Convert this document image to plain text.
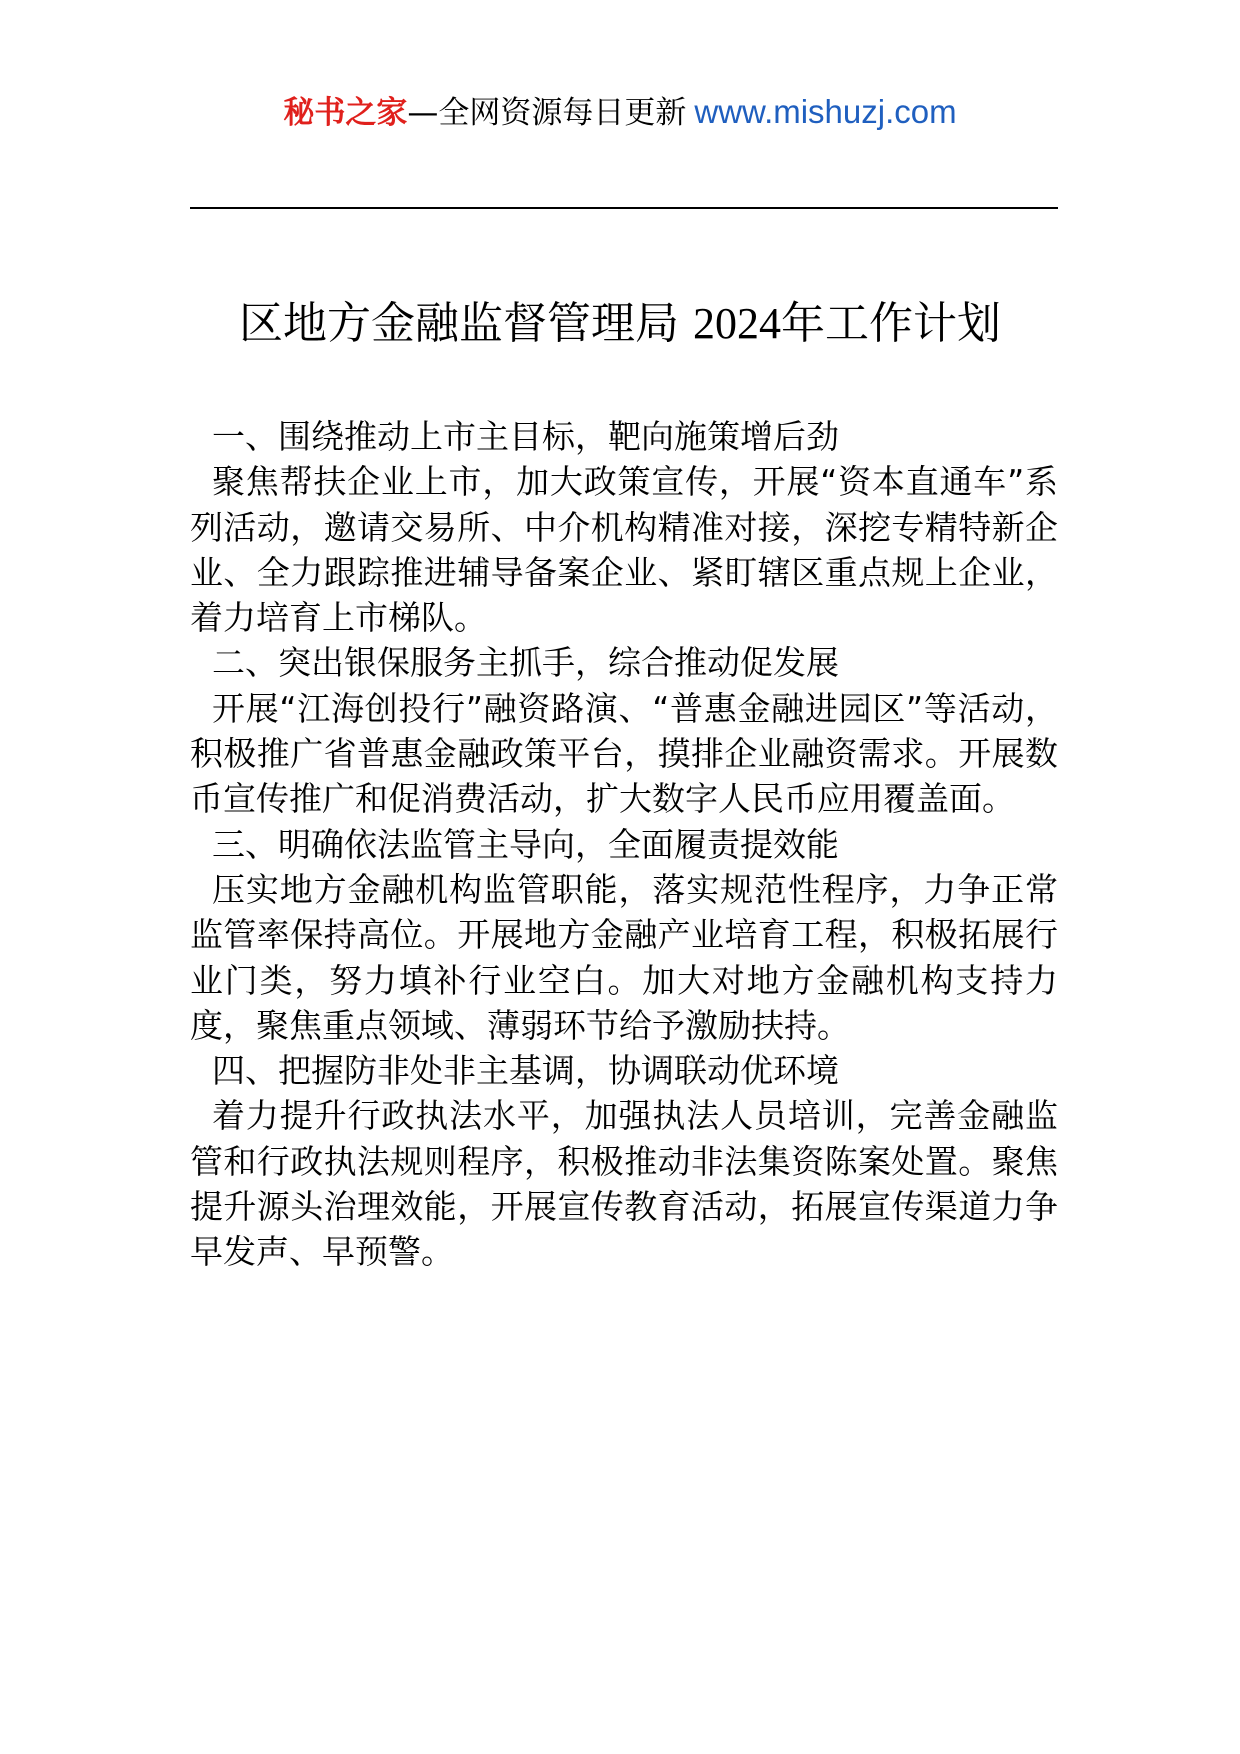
秘书之家—全网资源每日更新 www.mishuzj.com
区地方金融监督管理局 2024年工作计划

一、围绕推动上市主目标，靶向施策增后劲

聚焦帮扶企业上市，加大政策宣传，开展“资本直通车”系列活动，邀请交易所、中介机构精准对接，深挖专精特新企业、全力跟踪推进辅导备案企业、紧盯辖区重点规上企业，着力培育上市梯队。

二、突出银保服务主抓手，综合推动促发展

开展“江海创投行”融资路演、“普惠金融进园区”等活动，积极推广省普惠金融政策平台，摸排企业融资需求。开展数币宣传推广和促消费活动，扩大数字人民币应用覆盖面。

三、明确依法监管主导向，全面履责提效能

压实地方金融机构监管职能，落实规范性程序，力争正常监管率保持高位。开展地方金融产业培育工程，积极拓展行业门类，努力填补行业空白。加大对地方金融机构支持力度，聚焦重点领域、薄弱环节给予激励扶持。

四、把握防非处非主基调，协调联动优环境

着力提升行政执法水平，加强执法人员培训，完善金融监管和行政执法规则程序，积极推动非法集资陈案处置。聚焦提升源头治理效能，开展宣传教育活动，拓展宣传渠道力争早发声、早预警。
